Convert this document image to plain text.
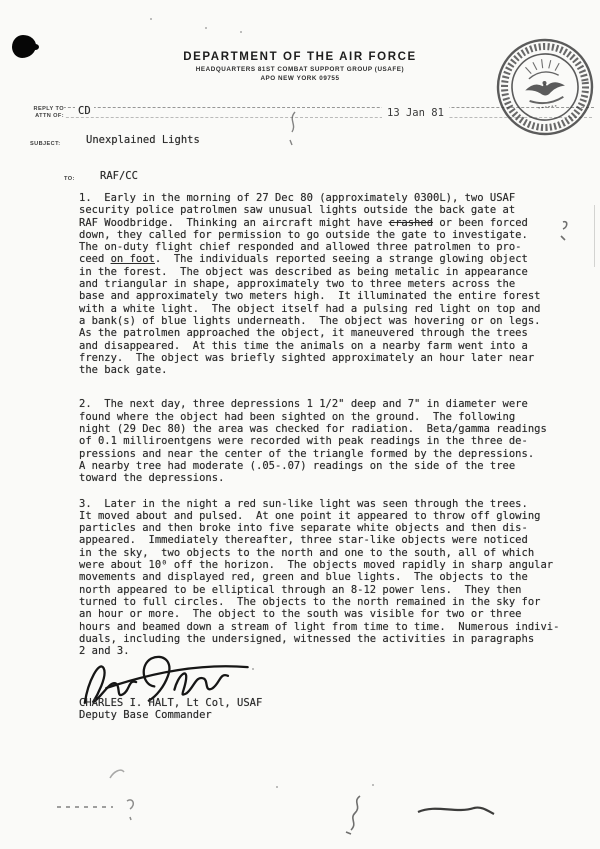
DEPARTMENT OF THE AIR FORCE
HEADQUARTERS 81ST COMBAT SUPPORT GROUP (USAFE)
APO NEW YORK 09755
13 Jan 81
REPLY TO
ATTN OF: CD
SUBJECT: Unexplained Lights
TO: RAF/CC
1.  Early in the morning of 27 Dec 80 (approximately 0300L), two USAF
security police patrolmen saw unusual lights outside the back gate at
RAF Woodbridge.  Thinking an aircraft might have crashed or been forced
down, they called for permission to go outside the gate to investigate.
The on-duty flight chief responded and allowed three patrolmen to pro-
ceed on foot.  The individuals reported seeing a strange glowing object
in the forest.  The object was described as being metalic in appearance
and triangular in shape, approximately two to three meters across the
base and approximately two meters high.  It illuminated the entire forest
with a white light.  The object itself had a pulsing red light on top and
a bank(s) of blue lights underneath.  The object was hovering or on legs.
As the patrolmen approached the object, it maneuvered through the trees
and disappeared.  At this time the animals on a nearby farm went into a
frenzy.  The object was briefly sighted approximately an hour later near
the back gate.
2.  The next day, three depressions 1 1/2" deep and 7" in diameter were
found where the object had been sighted on the ground.  The following
night (29 Dec 80) the area was checked for radiation.  Beta/gamma readings
of 0.1 milliroentgens were recorded with peak readings in the three de-
pressions and near the center of the triangle formed by the depressions.
A nearby tree had moderate (.05-.07) readings on the side of the tree
toward the depressions.
3.  Later in the night a red sun-like light was seen through the trees.
It moved about and pulsed.  At one point it appeared to throw off glowing
particles and then broke into five separate white objects and then dis-
appeared.  Immediately thereafter, three star-like objects were noticed
in the sky,  two objects to the north and one to the south, all of which
were about 10⁰ off the horizon.  The objects moved rapidly in sharp angular
movements and displayed red, green and blue lights.  The objects to the
north appeared to be elliptical through an 8-12 power lens.  They then
turned to full circles.  The objects to the north remained in the sky for
an hour or more.  The object to the south was visible for two or three
hours and beamed down a stream of light from time to time.  Numerous indivi-
duals, including the undersigned, witnessed the activities in paragraphs
2 and 3.
CHARLES I. HALT, Lt Col, USAF
Deputy Base Commander
